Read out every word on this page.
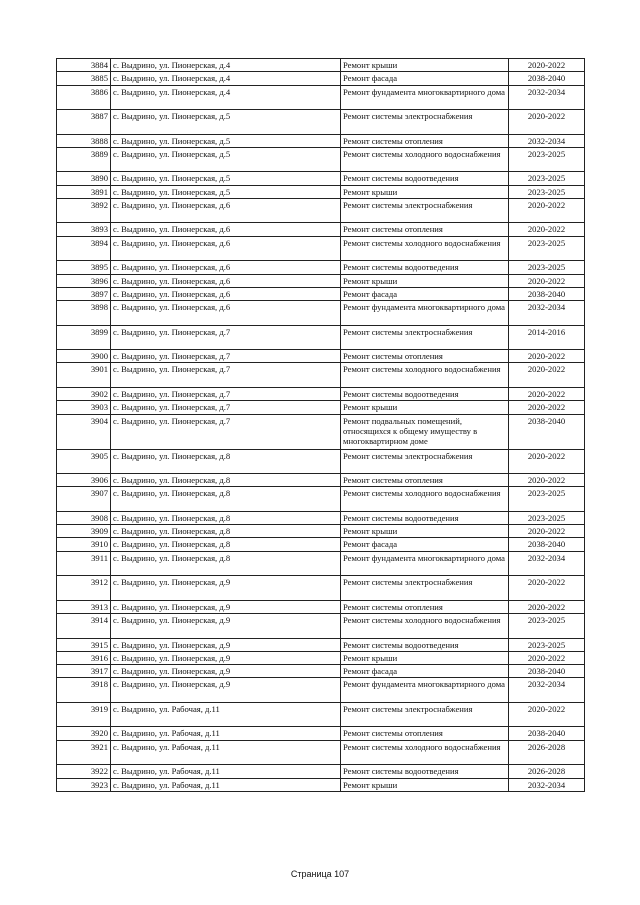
3884	с. Выдрино, ул. Пионерская, д.4	Ремонт крыши	2020-2022
3885	с. Выдрино, ул. Пионерская, д.4	Ремонт фасада	2038-2040
3886	с. Выдрино, ул. Пионерская, д.4	Ремонт фундамента многоквартирного дома	2032-2034
3887	с. Выдрино, ул. Пионерская, д.5	Ремонт системы электроснабжения	2020-2022
3888	с. Выдрино, ул. Пионерская, д.5	Ремонт системы отопления	2032-2034
3889	с. Выдрино, ул. Пионерская, д.5	Ремонт системы холодного водоснабжения	2023-2025
3890	с. Выдрино, ул. Пионерская, д.5	Ремонт системы водоотведения	2023-2025
3891	с. Выдрино, ул. Пионерская, д.5	Ремонт крыши	2023-2025
3892	с. Выдрино, ул. Пионерская, д.6	Ремонт системы электроснабжения	2020-2022
3893	с. Выдрино, ул. Пионерская, д.6	Ремонт системы отопления	2020-2022
3894	с. Выдрино, ул. Пионерская, д.6	Ремонт системы холодного водоснабжения	2023-2025
3895	с. Выдрино, ул. Пионерская, д.6	Ремонт системы водоотведения	2023-2025
3896	с. Выдрино, ул. Пионерская, д.6	Ремонт крыши	2020-2022
3897	с. Выдрино, ул. Пионерская, д.6	Ремонт фасада	2038-2040
3898	с. Выдрино, ул. Пионерская, д.6	Ремонт фундамента многоквартирного дома	2032-2034
3899	с. Выдрино, ул. Пионерская, д.7	Ремонт системы электроснабжения	2014-2016
3900	с. Выдрино, ул. Пионерская, д.7	Ремонт системы отопления	2020-2022
3901	с. Выдрино, ул. Пионерская, д.7	Ремонт системы холодного водоснабжения	2020-2022
3902	с. Выдрино, ул. Пионерская, д.7	Ремонт системы водоотведения	2020-2022
3903	с. Выдрино, ул. Пионерская, д.7	Ремонт крыши	2020-2022
3904	с. Выдрино, ул. Пионерская, д.7	Ремонт подвальных помещений, относящихся к общему имуществу в многоквартирном доме	2038-2040
3905	с. Выдрино, ул. Пионерская, д.8	Ремонт системы электроснабжения	2020-2022
3906	с. Выдрино, ул. Пионерская, д.8	Ремонт системы отопления	2020-2022
3907	с. Выдрино, ул. Пионерская, д.8	Ремонт системы холодного водоснабжения	2023-2025
3908	с. Выдрино, ул. Пионерская, д.8	Ремонт системы водоотведения	2023-2025
3909	с. Выдрино, ул. Пионерская, д.8	Ремонт крыши	2020-2022
3910	с. Выдрино, ул. Пионерская, д.8	Ремонт фасада	2038-2040
3911	с. Выдрино, ул. Пионерская, д.8	Ремонт фундамента многоквартирного дома	2032-2034
3912	с. Выдрино, ул. Пионерская, д.9	Ремонт системы электроснабжения	2020-2022
3913	с. Выдрино, ул. Пионерская, д.9	Ремонт системы отопления	2020-2022
3914	с. Выдрино, ул. Пионерская, д.9	Ремонт системы холодного водоснабжения	2023-2025
3915	с. Выдрино, ул. Пионерская, д.9	Ремонт системы водоотведения	2023-2025
3916	с. Выдрино, ул. Пионерская, д.9	Ремонт крыши	2020-2022
3917	с. Выдрино, ул. Пионерская, д.9	Ремонт фасада	2038-2040
3918	с. Выдрино, ул. Пионерская, д.9	Ремонт фундамента многоквартирного дома	2032-2034
3919	с. Выдрино, ул. Рабочая, д.11	Ремонт системы электроснабжения	2020-2022
3920	с. Выдрино, ул. Рабочая, д.11	Ремонт системы отопления	2038-2040
3921	с. Выдрино, ул. Рабочая, д.11	Ремонт системы холодного водоснабжения	2026-2028
3922	с. Выдрино, ул. Рабочая, д.11	Ремонт системы водоотведения	2026-2028
3923	с. Выдрино, ул. Рабочая, д.11	Ремонт крыши	2032-2034
Страница 107
